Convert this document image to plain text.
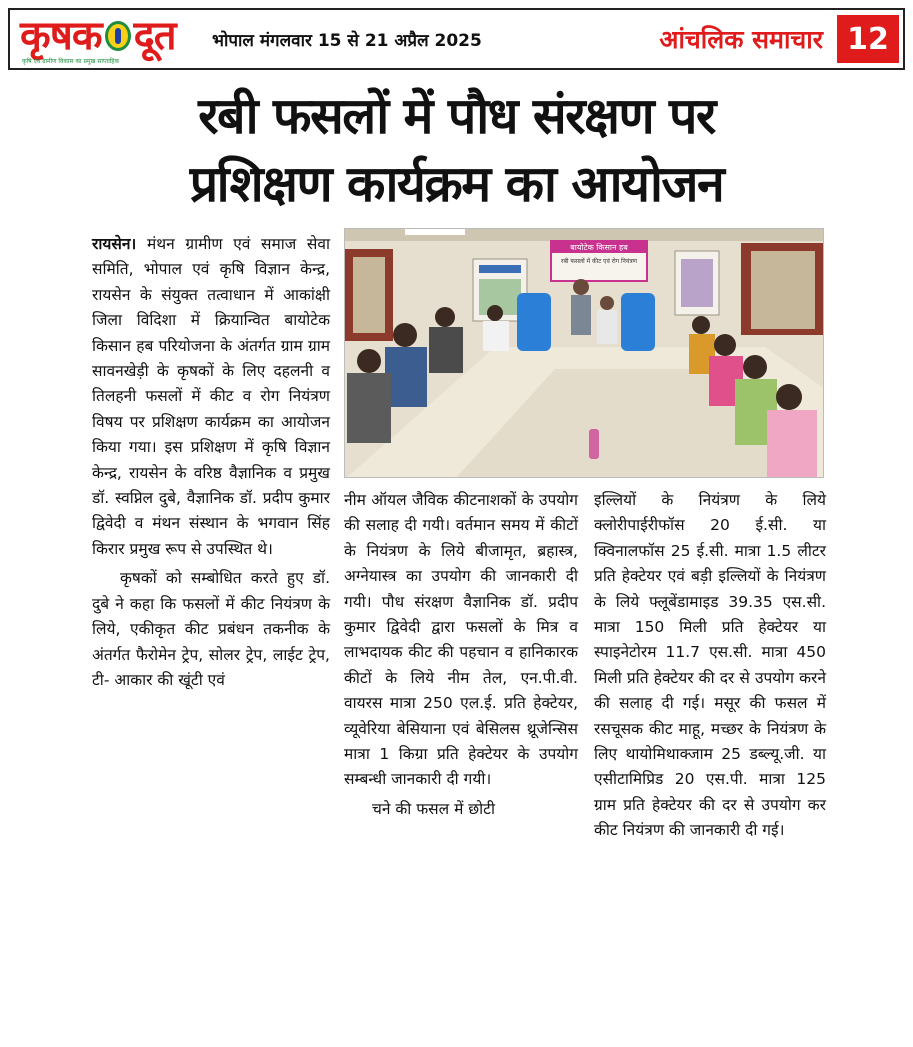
कृषक दूत
कृषि एवं ग्रामीण विकास का प्रमुख साप्ताहिक
भोपाल मंगलवार 15 से 21 अप्रैल 2025	आंचलिक समाचार 12
रबी फसलों में पौध संरक्षण पर
प्रशिक्षण कार्यक्रम का आयोजन

रायसेन। मंथन ग्रामीण एवं समाज सेवा समिति, भोपाल एवं कृषि विज्ञान केन्द्र, रायसेन के संयुक्त तत्वाधान में आकांक्षी जिला विदिशा में क्रियान्वित बायोटेक किसान हब परियोजना के अंतर्गत ग्राम ग्राम सावनखेड़ी के कृषकों के लिए दहलनी व तिलहनी फसलों में कीट व रोग नियंत्रण विषय पर प्रशिक्षण कार्यक्रम का आयोजन किया गया। इस प्रशिक्षण में कृषि विज्ञान केन्द्र, रायसेन के वरिष्ठ वैज्ञानिक व प्रमुख डॉ. स्वप्निल दुबे, वैज्ञानिक डॉ. प्रदीप कुमार द्विवेदी व मंथन संस्थान के भगवान सिंह किरार प्रमुख रूप से उपस्थित थे।

कृषकों को सम्बोधित करते हुए डॉ. दुबे ने कहा कि फसलों में कीट नियंत्रण के लिये, एकीकृत कीट प्रबंधन तकनीक के अंतर्गत फैरोमेन ट्रेप, सोलर ट्रेप, लाईट ट्रेप, टी- आकार की खूंटी एवं

बायोटेक किसान हब
रबी फसलों में कीट एवं रोग नियंत्रण

नीम ऑयल जैविक कीटनाशकों के उपयोग की सलाह दी गयी। वर्तमान समय में कीटों के नियंत्रण के लिये बीजामृत, ब्रहास्त्र, अग्नेयास्त्र का उपयोग की जानकारी दी गयी। पौध संरक्षण वैज्ञानिक डॉ. प्रदीप कुमार द्विवेदी द्वारा फसलों के मित्र व लाभदायक कीट की पहचान व हानिकारक कीटों के लिये नीम तेल, एन.पी.वी. वायरस मात्रा 250 एल.ई. प्रति हेक्टेयर, व्यूवेरिया बेसियाना एवं बेसिलस थ्रूजेन्सिस मात्रा 1 किग्रा प्रति हेक्टेयर के उपयोग सम्बन्धी जानकारी दी गयी।

चने की फसल में छोटी

इल्लियों के नियंत्रण के लिये क्लोरीपाईरीफॉस 20 ई.सी. या क्विनालफॉस 25 ई.सी. मात्रा 1.5 लीटर प्रति हेक्टेयर एवं बड़ी इल्लियों के नियंत्रण के लिये फ्लूबेंडामाइड 39.35 एस.सी. मात्रा 150 मिली प्रति हेक्टेयर या स्पाइनेटोरम 11.7 एस.सी. मात्रा 450 मिली प्रति हेक्टेयर की दर से उपयोग करने की सलाह दी गई। मसूर की फसल में रसचूसक कीट माहू, मच्छर के नियंत्रण के लिए थायोमिथाक्जाम 25 डब्ल्यू.जी. या एसीटामिप्रिड 20 एस.पी. मात्रा 125 ग्राम प्रति हेक्टेयर की दर से उपयोग कर कीट नियंत्रण की जानकारी दी गई।
